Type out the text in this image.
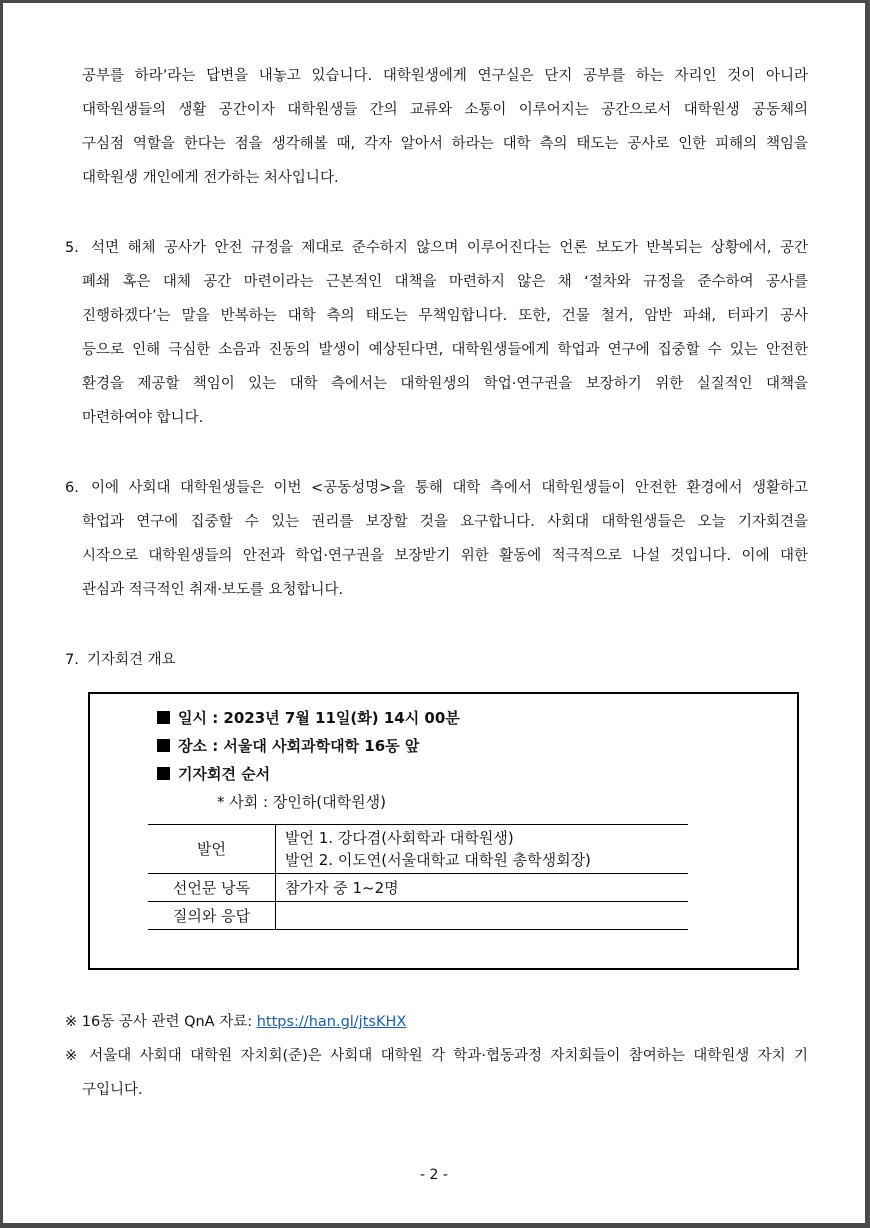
공부를 하라’라는 답변을 내놓고 있습니다. 대학원생에게 연구실은 단지 공부를 하는 자리인 것이 아니라
대학원생들의 생활 공간이자 대학원생들 간의 교류와 소통이 이루어지는 공간으로서 대학원생 공동체의
구심점 역할을 한다는 점을 생각해볼 때, 각자 알아서 하라는 대학 측의 태도는 공사로 인한 피해의 책임을
대학원생 개인에게 전가하는 처사입니다.
5. 석면 해체 공사가 안전 규정을 제대로 준수하지 않으며 이루어진다는 언론 보도가 반복되는 상황에서, 공간
폐쇄 혹은 대체 공간 마련이라는 근본적인 대책을 마련하지 않은 채 ‘절차와 규정을 준수하여 공사를
진행하겠다’는 말을 반복하는 대학 측의 태도는 무책임합니다. 또한, 건물 철거, 암반 파쇄, 터파기 공사
등으로 인해 극심한 소음과 진동의 발생이 예상된다면, 대학원생들에게 학업과 연구에 집중할 수 있는 안전한
환경을 제공할 책임이 있는 대학 측에서는 대학원생의 학업·연구권을 보장하기 위한 실질적인 대책을
마련하여야 합니다.
6. 이에 사회대 대학원생들은 이번 <공동성명>을 통해 대학 측에서 대학원생들이 안전한 환경에서 생활하고
학업과 연구에 집중할 수 있는 권리를 보장할 것을 요구합니다. 사회대 대학원생들은 오늘 기자회견을
시작으로 대학원생들의 안전과 학업·연구권을 보장받기 위한 활동에 적극적으로 나설 것입니다. 이에 대한
관심과 적극적인 취재·보도를 요청합니다.
7. 기자회견 개요
일시 : 2023년 7월 11일(화) 14시 00분
장소 : 서울대 사회과학대학 16동 앞
기자회견 순서
* 사회 : 장인하(대학원생)
발언
발언 1. 강다겸(사회학과 대학원생)
발언 2. 이도연(서울대학교 대학원 총학생회장)
선언문 낭독	참가자 중 1~2명
질의와 응답
※ 16동 공사 관련 QnA 자료: https://han.gl/jtsKHX
※ 서울대 사회대 대학원 자치회(준)은 사회대 대학원 각 학과·협동과정 자치회들이 참여하는 대학원생 자치 기
구입니다.
- 2 -
